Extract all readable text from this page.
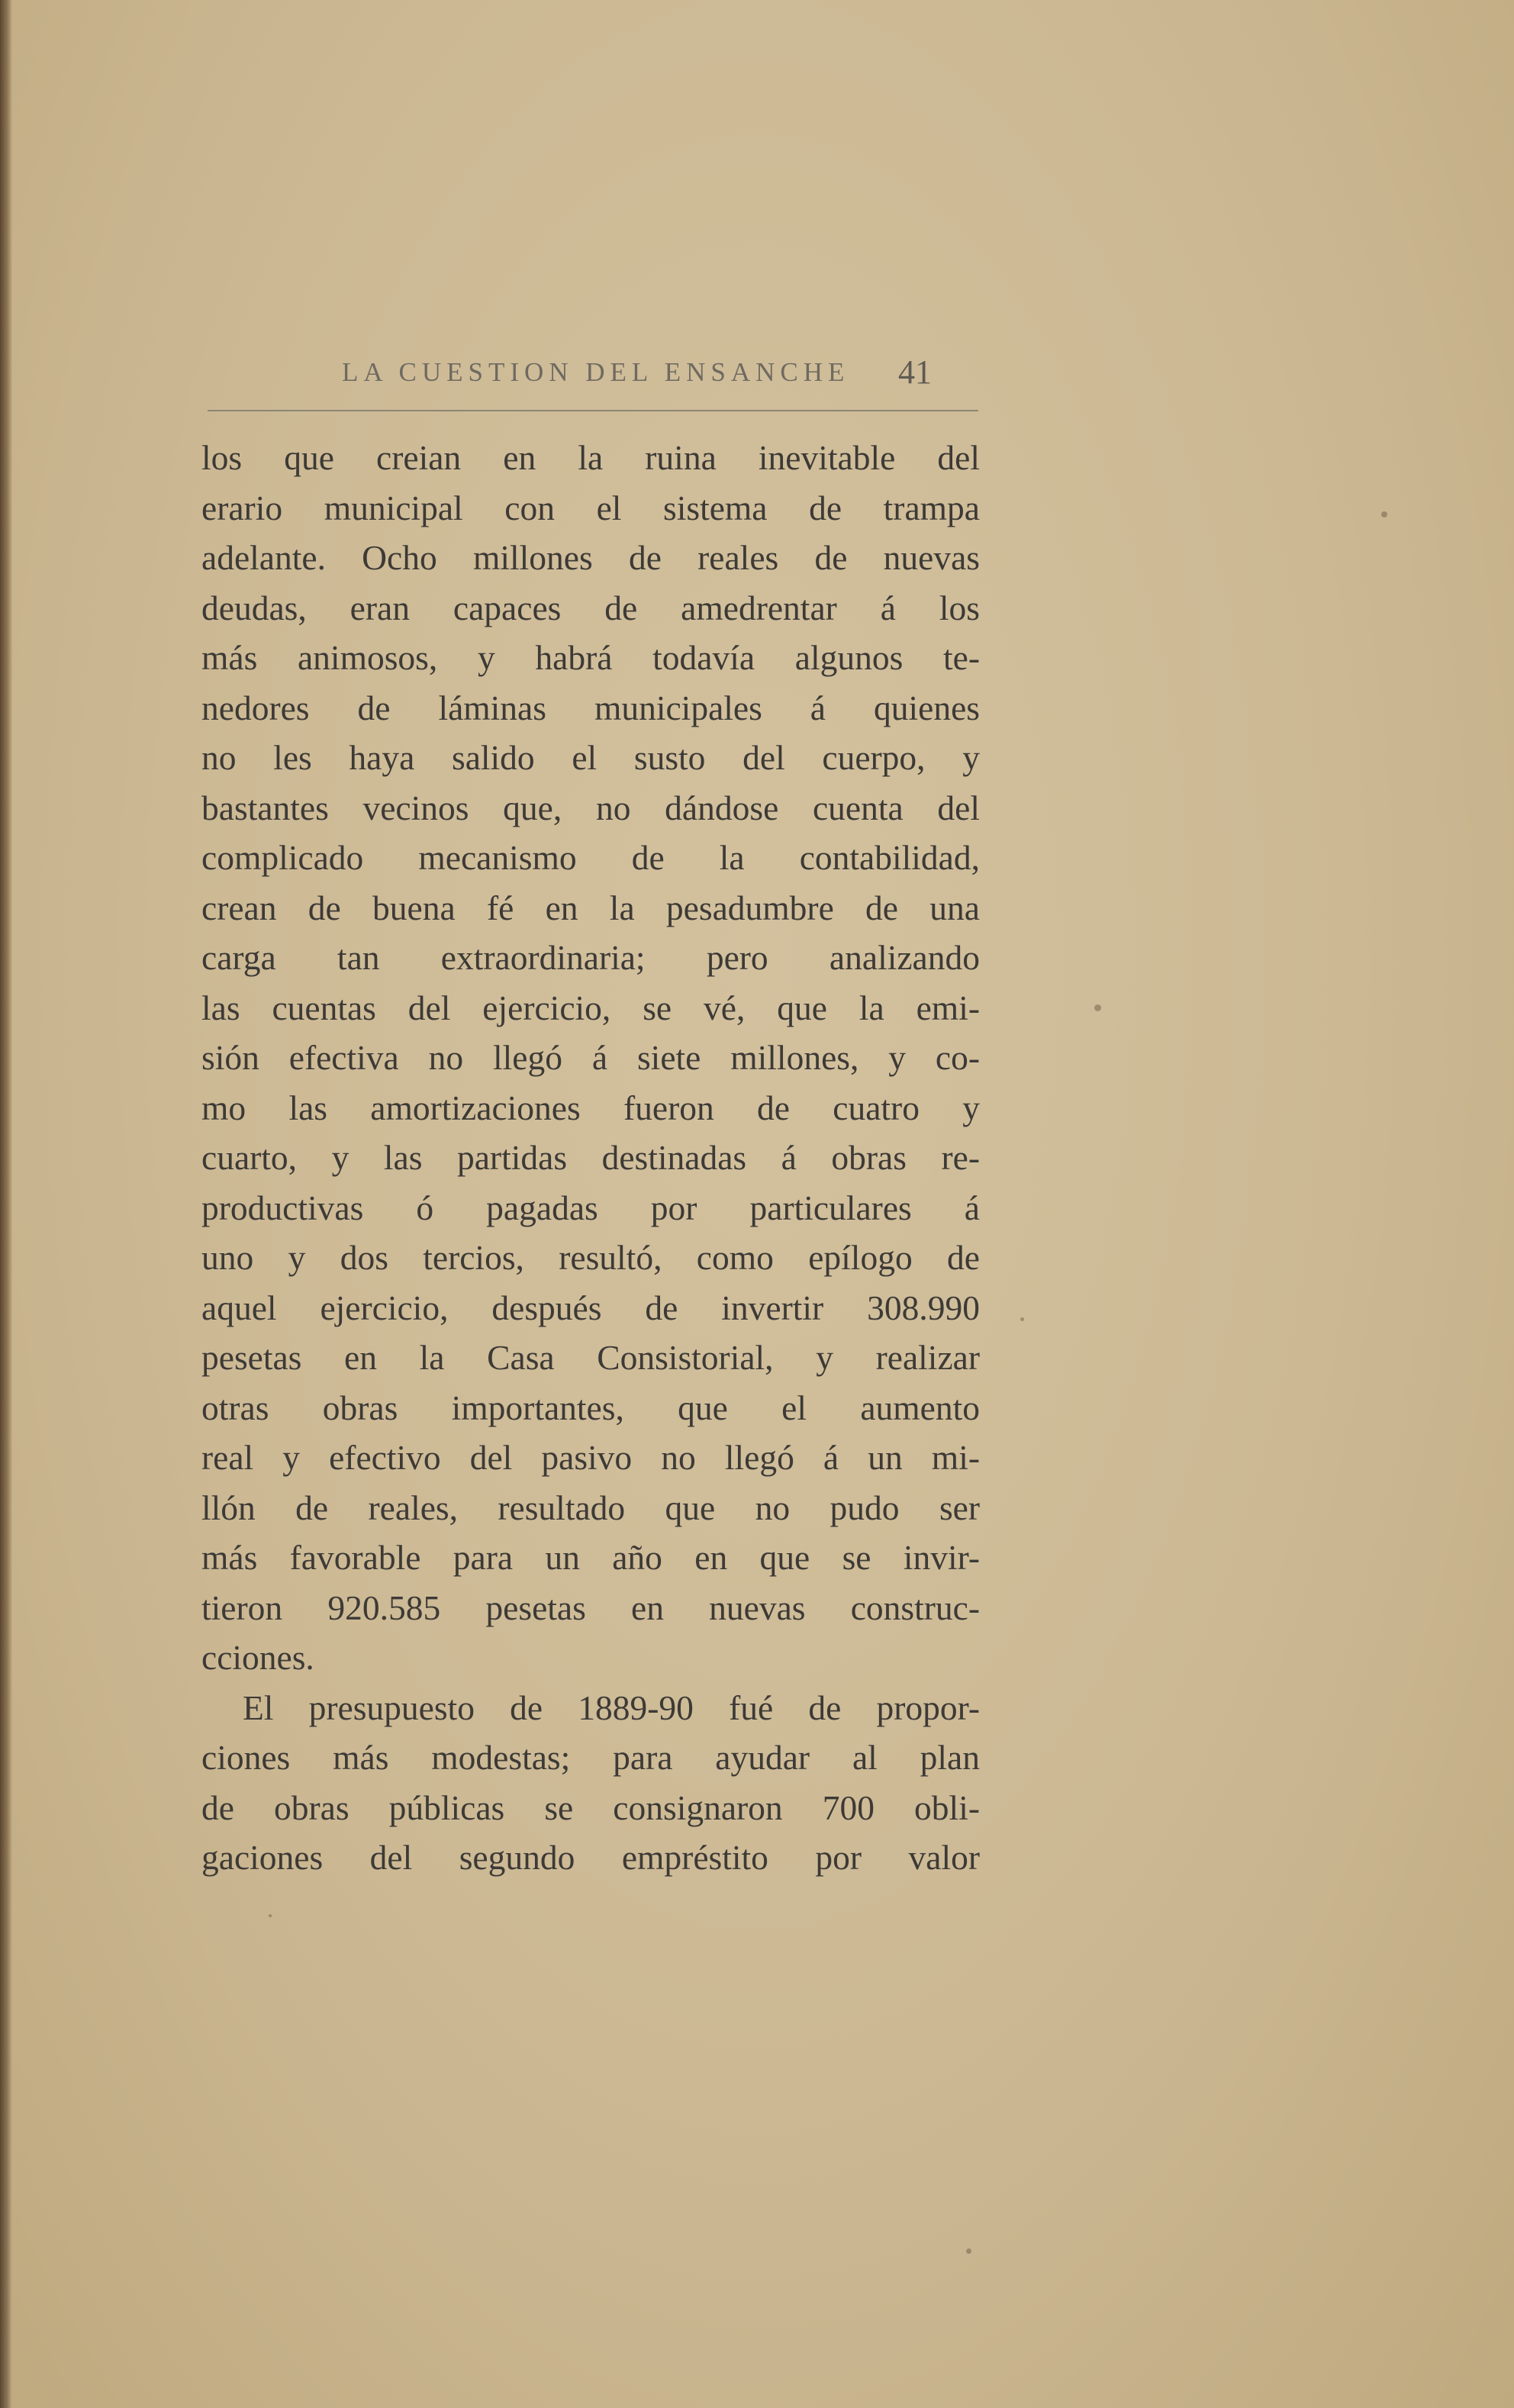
LA CUESTION DEL ENSANCHE 41
los que creian en la ruina inevitable del
erario municipal con el sistema de trampa
adelante. Ocho millones de reales de nuevas
deudas, eran capaces de amedrentar á los
más animosos, y habrá todavía algunos te-
nedores de láminas municipales á quienes
no les haya salido el susto del cuerpo, y
bastantes vecinos que, no dándose cuenta del
complicado mecanismo de la contabilidad,
crean de buena fé en la pesadumbre de una
carga tan extraordinaria; pero analizando
las cuentas del ejercicio, se vé, que la emi-
sión efectiva no llegó á siete millones, y co-
mo las amortizaciones fueron de cuatro y
cuarto, y las partidas destinadas á obras re-
productivas ó pagadas por particulares á
uno y dos tercios, resultó, como epílogo de
aquel ejercicio, después de invertir 308.990
pesetas en la Casa Consistorial, y realizar
otras obras importantes, que el aumento
real y efectivo del pasivo no llegó á un mi-
llón de reales, resultado que no pudo ser
más favorable para un año en que se invir-
tieron 920.585 pesetas en nuevas construc-
cciones.
El presupuesto de 1889-90 fué de propor-
ciones más modestas; para ayudar al plan
de obras públicas se consignaron 700 obli-
gaciones del segundo empréstito por valor
